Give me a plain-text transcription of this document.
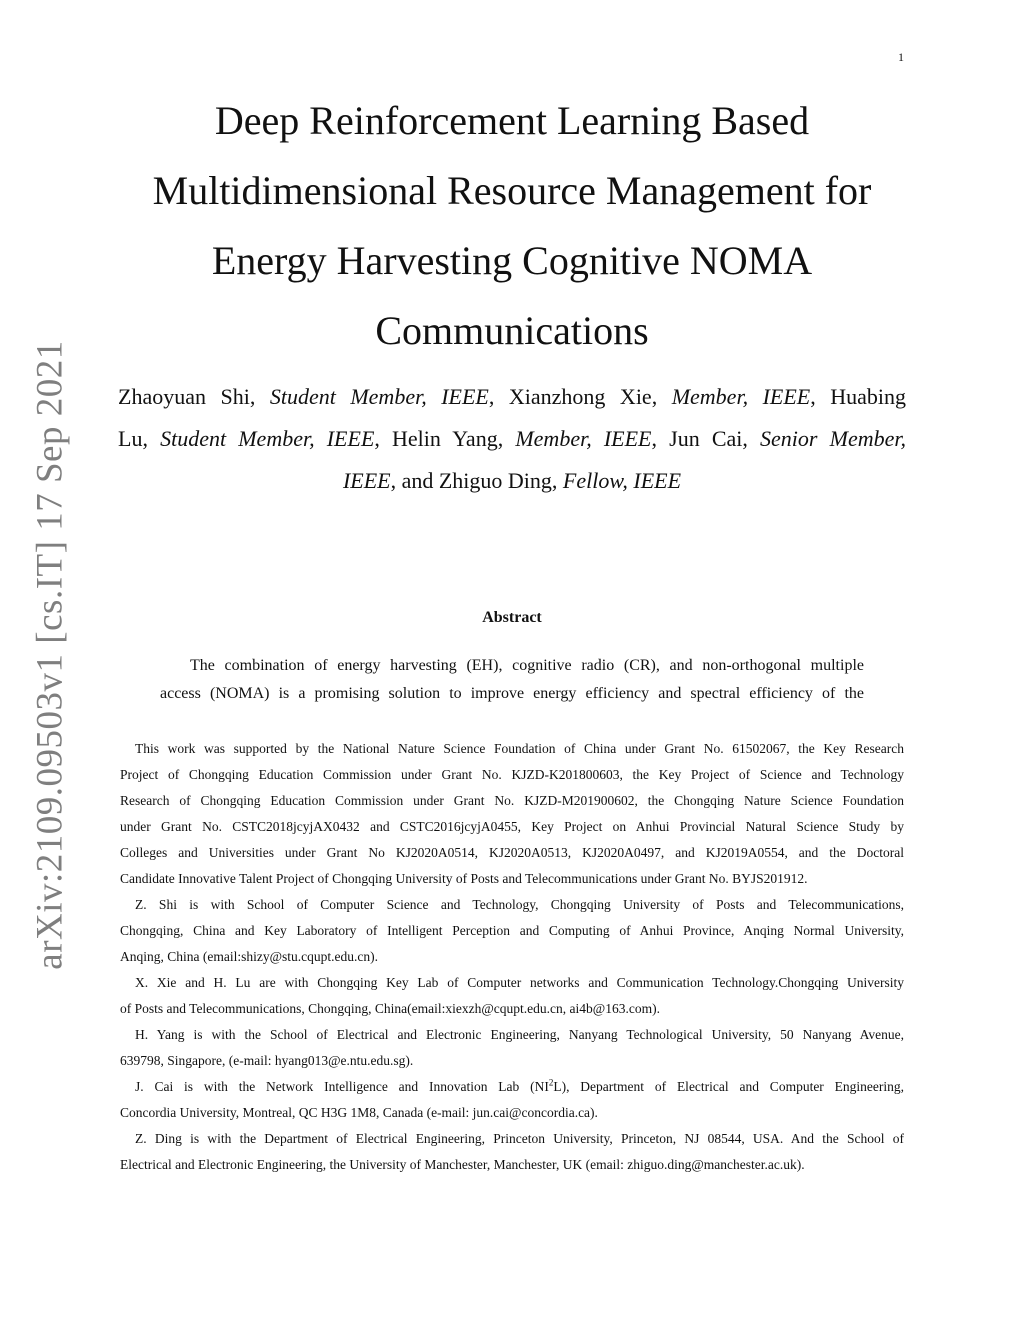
1
arXiv:2109.09503v1 [cs.IT] 17 Sep 2021
Deep Reinforcement Learning Based
Multidimensional Resource Management for
Energy Harvesting Cognitive NOMA
Communications
Zhaoyuan Shi, Student Member, IEEE, Xianzhong Xie, Member, IEEE, Huabing
Lu, Student Member, IEEE, Helin Yang, Member, IEEE, Jun Cai, Senior Member,
IEEE, and Zhiguo Ding, Fellow, IEEE
Abstract
The combination of energy harvesting (EH), cognitive radio (CR), and non-orthogonal multiple
access (NOMA) is a promising solution to improve energy efficiency and spectral efficiency of the
This work was supported by the National Nature Science Foundation of China under Grant No. 61502067, the Key Research
Project of Chongqing Education Commission under Grant No. KJZD-K201800603, the Key Project of Science and Technology
Research of Chongqing Education Commission under Grant No. KJZD-M201900602, the Chongqing Nature Science Foundation
under Grant No. CSTC2018jcyjAX0432 and CSTC2016jcyjA0455, Key Project on Anhui Provincial Natural Science Study by
Colleges and Universities under Grant No KJ2020A0514, KJ2020A0513, KJ2020A0497, and KJ2019A0554, and the Doctoral
Candidate Innovative Talent Project of Chongqing University of Posts and Telecommunications under Grant No. BYJS201912.
Z. Shi is with School of Computer Science and Technology, Chongqing University of Posts and Telecommunications,
Chongqing, China and Key Laboratory of Intelligent Perception and Computing of Anhui Province, Anqing Normal University,
Anqing, China (email:shizy@stu.cqupt.edu.cn).
X. Xie and H. Lu are with Chongqing Key Lab of Computer networks and Communication Technology.Chongqing University
of Posts and Telecommunications, Chongqing, China(email:xiexzh@cqupt.edu.cn, ai4b@163.com).
H. Yang is with the School of Electrical and Electronic Engineering, Nanyang Technological University, 50 Nanyang Avenue,
639798, Singapore, (e-mail: hyang013@e.ntu.edu.sg).
J. Cai is with the Network Intelligence and Innovation Lab $(NI^2L)$, Department of Electrical and Computer Engineering,
Concordia University, Montreal, QC H3G 1M8, Canada (e-mail: jun.cai@concordia.ca).
Z. Ding is with the Department of Electrical Engineering, Princeton University, Princeton, NJ 08544, USA. And the School of
Electrical and Electronic Engineering, the University of Manchester, Manchester, UK (email: zhiguo.ding@manchester.ac.uk).
